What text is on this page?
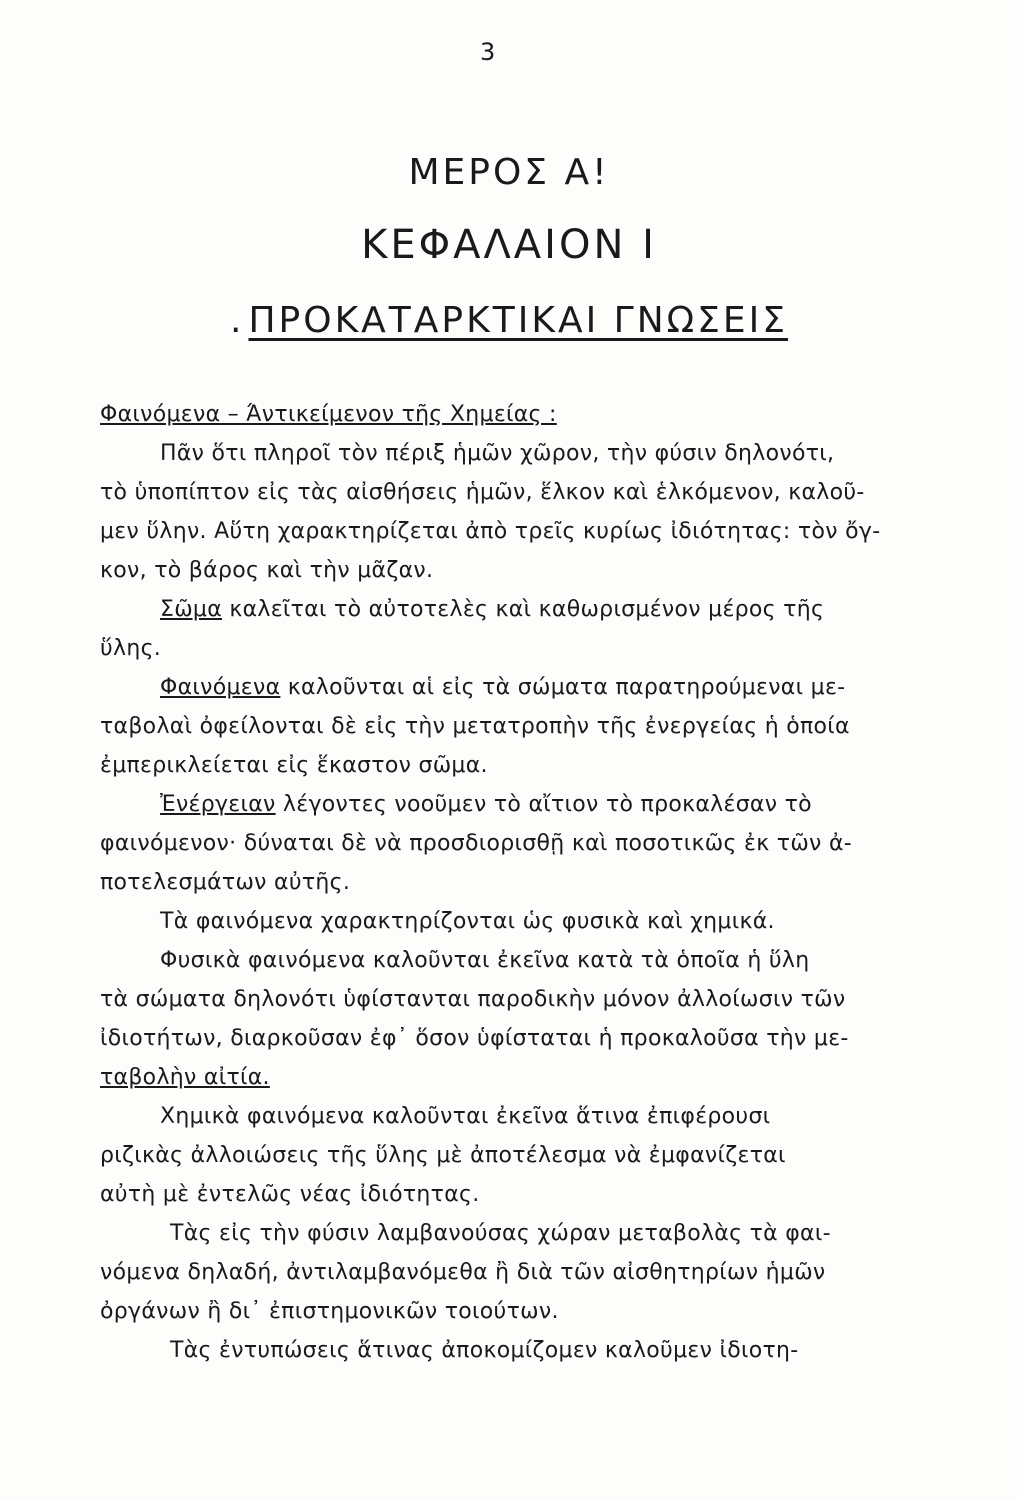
3
ΜΕΡΟΣ Α!
ΚΕΦΑΛΑΙΟΝ Ι
. ΠΡΟΚΑΤΑΡΚΤΙΚΑΙ ΓΝΩΣΕΙΣ
Φαινόμενα – Άντικείμενον τῆς Χημείας :
Πᾶν ὅτι πληροῖ τὸν πέριξ ἡμῶν χῶρον, τὴν φύσιν δηλονότι,
τὸ ὑποπίπτον εἰς τὰς αἰσθήσεις ἡμῶν, ἕλκον καὶ ἑλκόμενον, καλοῦ-
μεν ὕλην. Αὕτη χαρακτηρίζεται ἀπὸ τρεῖς κυρίως ἰδιότητας: τὸν ὄγ-
κον, τὸ βάρος καὶ τὴν μᾶζαν.
Σῶμα καλεῖται τὸ αὐτοτελὲς καὶ καθωρισμένον μέρος τῆς
ὕλης.
Φαινόμενα καλοῦνται αἱ εἰς τὰ σώματα παρατηρούμεναι με-
ταβολαὶ ὀφείλονται δὲ εἰς τὴν μετατροπὴν τῆς ἐνεργείας ἡ ὁποία
ἐμπερικλείεται εἰς ἕκαστον σῶμα.
Ἐνέργειαν λέγοντες νοοῦμεν τὸ αἴτιον τὸ προκαλέσαν τὸ
φαινόμενον· δύναται δὲ νὰ προσδιορισθῇ καὶ ποσοτικῶς ἐκ τῶν ἀ-
ποτελεσμάτων αὐτῆς.
Τὰ φαινόμενα χαρακτηρίζονται ὡς φυσικὰ καὶ χημικά.
Φυσικὰ φαινόμενα καλοῦνται ἐκεῖνα κατὰ τὰ ὁποῖα ἡ ὕλη
τὰ σώματα δηλονότι ὑφίστανται παροδικὴν μόνον ἀλλοίωσιν τῶν
ἰδιοτήτων, διαρκοῦσαν ἐφ᾽ ὅσον ὑφίσταται ἡ προκαλοῦσα τὴν με-
ταβολὴν αἰτία.
Χημικὰ φαινόμενα καλοῦνται ἐκεῖνα ἅτινα ἐπιφέρουσι
ριζικὰς ἀλλοιώσεις τῆς ὕλης μὲ ἀποτέλεσμα νὰ ἐμφανίζεται
αὐτὴ μὲ ἐντελῶς νέας ἰδιότητας.
Τὰς εἰς τὴν φύσιν λαμβανούσας χώραν μεταβολὰς τὰ φαι-
νόμενα δηλαδή, ἀντιλαμβανόμεθα ἢ διὰ τῶν αἰσθητηρίων ἡμῶν
ὀργάνων ἢ δι᾽ ἐπιστημονικῶν τοιούτων.
Τὰς ἐντυπώσεις ἅτινας ἀποκομίζομεν καλοῦμεν ἰδιοτη-
